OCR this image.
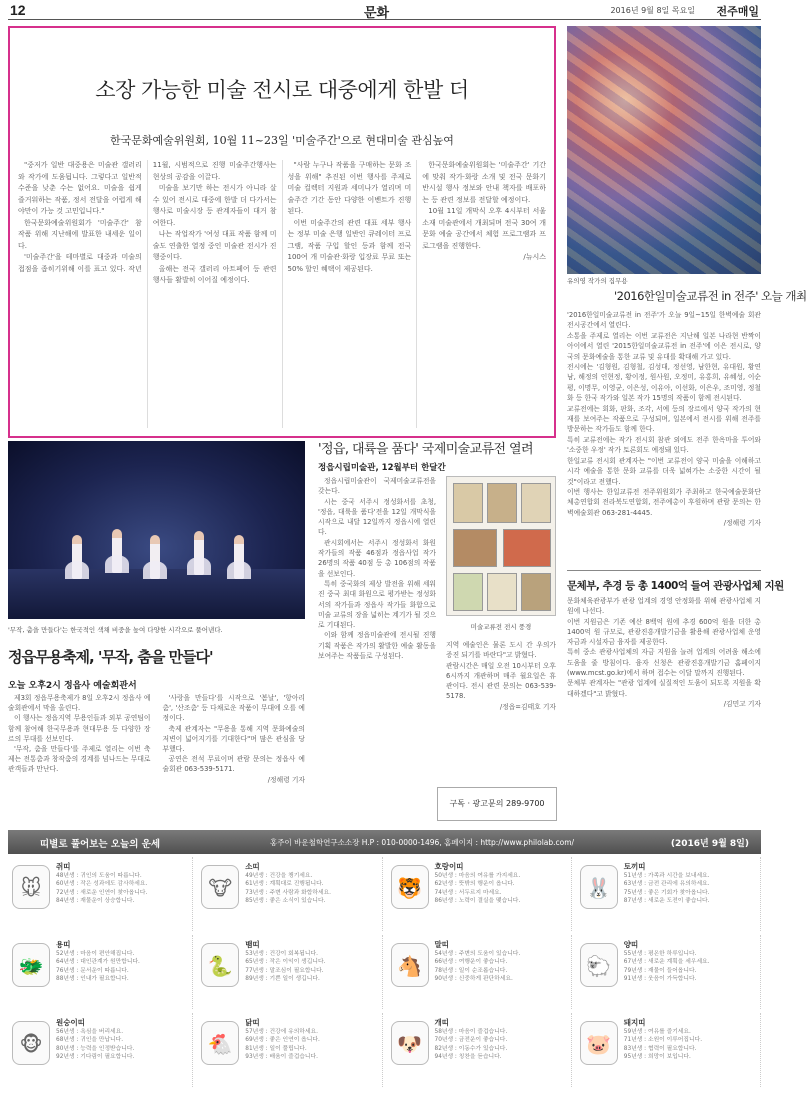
12	문화	2016년 9월 8일 목요일 전주매일
소장 가능한 미술 전시로 대중에게 한발 더
한국문화예술위원회, 10월 11~23일 '미술주간'으로 현대미술 관심높여

"중저가 일반 대중용은 미술관 갤러리와 작가에 도움됩니다. 그렇다고 일반적 수준을 낮춘 수는 없어요. 미술을 쉽게 즐거워하는 작품, 정서 전달을 어렵게 해야만이 가능 것 고민입니다."

한국문화예술위원회가 '미술주간' 참 작품 위해 지난해에 발표한 내세운 일이다.

'미술주간'을 테마별로 대중과 미술의 접점을 좁히기위해 이를 표고 있다. 작년 11월, 시범적으로 진행 미술주간행사는 현상의 공감을 이끌다.

미술을 보기만 하는 전시가 아니라 살 수 있어 전시로 대중에 한발 더 다가서는 행사로 미술시장 등 관계자들이 대거 참여한다.

나는 작업작가 '여성 대표 작품 함께 미술도 연출한 열정 중인 미술관 전시가 진행중이다.

올해는 전국 갤러리 아트페어 등 관련 행사들 활발히 이어질 예정이다.

"사람 누구나 작품을 구매하는 문화 조성을 위해" 추진된 이번 행사를 주제로 미술 컬렉터 지원과 세미나가 열리며 미술주간 기간 동안 다양한 이벤트가 진행된다.

이번 미술주간의 관련 대표 세부 행사는 정부 미술 은행 일반인 큐레이터 프로그램, 작품 구입 할인 등과 함께 전국 100여 개 미술관·화랑 입장료 무료 또는 50% 할인 혜택이 제공된다.

한국문화예술위원회는 '미술주간' 기간에 맞춰 작가·화랑 소개 및 전국 문화기반시설 행사 정보와 안내 책자를 배포하는 등 관련 정보를 전달할 예정이다.

10월 11일 개막식 오후 4시부터 서울 소재 미술관에서 개최되며 전국 30여 개 문화 예술 공간에서 체험 프로그램과 프로그램을 진행한다.

/뉴시스

유의영 작가의 집무용
'2016한일미술교류전 in 전주' 오늘 개최

'2016한일미술교류전 in 전주'가 오늘 9일~15일 한벽예술 회관 전시공간에서 열린다.

소통을 주제로 열리는 이번 교류전은 지난해 일본 나라현 반짝이아이에서 열린 '2015한일미술교류전 in 전주'에 이은 전시로, 양국의 문화예술을 통한 교류 및 유대를 확대해 가고 있다.

전시에는 '김형원, 김형철, 김성대, 정선영, 남한현, 유대원, 황연남, 해정의 인현정, 황이정, 원사원, 오정미, 유홍희, 유혜성, 이순평, 이명무, 이영균, 이은성, 이유아, 이선화, 이은우, 조미영, 정철화 등 한국 작가와 일본 작가 15명의 작품이 함께 전시된다.

교류전에는 회화, 판화, 조각, 서예 등의 장르에서 양국 작가의 현재를 보여주는 작품으로 구성되며, 일본에서 전시를 위해 전주를 방문하는 작가들도 함께 한다.

특히 교류전에는 작가 전시회 참관 외에도 전주 한옥마을 투어와 '소중한 우정' 작가 토론회도 예정돼 있다.

한일교류 전시회 관계자는 "이번 교류전이 양국 미술을 이해하고 시각 예술을 통한 문화 교류를 더욱 넓혀가는 소중한 시간이 될 것"이라고 전했다.

이번 행사는 한일교류전 전주위원회가 주최하고 한국예술문화단체총연합회 전라북도연합회, 전주예총이 후원하며 관람 문의는 한벽예술회관 063-281-4445.

/정해령 기자

'무작, 춤을 만들다'는 한국적인 색채 비중을 높여 다양한 시각으로 풀어낸다.
정읍무용축제, '무작, 춤을 만들다'
오늘 오후2시 정읍사 예술회관서

제3회 정읍무용축제가 8일 오후2시 정읍사 예술회관에서 막을 올린다.

이 행사는 정읍지역 무용인들과 외부 공연팀이 함께 참여해 한국무용과 현대무용 등 다양한 장르의 무대를 선보인다.

'무작, 춤을 만들다'를 주제로 열리는 이번 축제는 전통춤과 창작춤의 경계를 넘나드는 무대로 관객들과 만난다.

'사랑을 만들다'를 시작으로 '봄날', '항아리 춤', '산조춤' 등 다채로운 작품이 무대에 오를 예정이다.

축제 관계자는 "무용을 통해 지역 문화예술의 저변이 넓어지기를 기대한다"며 많은 관심을 당부했다.

공연은 전석 무료이며 관람 문의는 정읍사 예술회관 063-539-5171.

/정해령 기자

'정읍, 대륙을 품다' 국제미술교류전 열려
정읍시립미술관, 12월부터 한달간

정읍시립미술관이 국제미술교류전을 갖는다.

시는 중국 서주시 정성화서를 초청, '정읍, 대륙을 품다'전을 12일 개막식을 시작으로 내달 12일까지 정읍시에 열린다.

관시회에서는 서주시 정성화서 화원 작가들의 작품 46점과 정읍사업 작가 26명의 작품 40점 등 총 106점의 작품을 선보인다.

특히 중국화의 제상 발전을 위해 세워진 중국 최대 화원으로 평가받는 정성화서의 작가들과 정읍사 작가들 화합으로 미술 교류의 장을 넓히는 계기가 될 것으로 기대된다.

이와 함께 정읍미술관에 전시될 진행기획 작품은 작가의 활발한 예술 활동을 보여주는 작품들로 구성된다.

미술교류전 전시 풍경

지역 예술인은 물론 도시 간 우의가 증진 되기를 바란다"고 밝혔다.

관람시간은 매일 오전 10시부터 오후 6시까지 개관하며 매주 월요일은 휴관이다. 전시 관련 문의는 063-539-5178.

/정읍=김태호 기자

구독 · 광고문의 289-9700
문체부, 추경 등 총 1400억 들여 관광사업체 지원

문화체육관광부가 관광 업계의 경영 안정화를 위해 관광사업체 지원에 나선다.

이번 지원금은 기존 예산 8백억 원에 추경 600억 원을 더한 총 1400억 원 규모로, 관광진흥개발기금을 활용해 관광사업체 운영자금과 시설자금 융자를 제공한다.

특히 중소 관광사업체의 자금 지원을 늘려 업계의 어려움 해소에 도움을 줄 방침이다. 융자 신청은 관광진흥개발기금 홈페이지(www.mcst.go.kr)에서 하며 접수는 이달 말까지 진행된다.

문체부 관계자는 "관광 업계에 실질적인 도움이 되도록 지원을 확대하겠다"고 밝혔다.

/김민고 기자

띠별로 풀어보는 오늘의 운세	홍주이 바운철학연구소소장 H.P : 010-0000-1496, 홈페이지 : http://www.philolab.com/	(2016년 9월 8일)
🐭
쥐띠
48년생 : 귀인의 도움이 따릅니다.
60년생 : 작은 성과에도 감사하세요.
72년생 : 새로운 인연이 찾아옵니다.
84년생 : 재물운이 상승합니다.
🐮
소띠
49년생 : 건강을 챙기세요.
61년생 : 계획대로 진행됩니다.
73년생 : 주변 사람과 화합하세요.
85년생 : 좋은 소식이 있습니다.
🐯
호랑이띠
50년생 : 마음의 여유를 가지세요.
62년생 : 뜻밖의 행운이 옵니다.
74년생 : 서두르지 마세요.
86년생 : 노력이 결실을 맺습니다.
🐰
토끼띠
51년생 : 가족과 시간을 보내세요.
63년생 : 금전 관리에 유의하세요.
75년생 : 좋은 기회가 찾아옵니다.
87년생 : 새로운 도전이 좋습니다.
🐲
용띠
52년생 : 마음이 편안해집니다.
64년생 : 대인관계가 원만합니다.
76년생 : 문서운이 따릅니다.
88년생 : 인내가 필요합니다.
🐍
뱀띠
53년생 : 건강이 회복됩니다.
65년생 : 작은 이익이 생깁니다.
77년생 : 말조심이 필요합니다.
89년생 : 기쁜 일이 생깁니다.
🐴
말띠
54년생 : 주변의 도움이 있습니다.
66년생 : 여행운이 좋습니다.
78년생 : 일이 순조롭습니다.
90년생 : 신중하게 판단하세요.
🐑
양띠
55년생 : 평온한 하루입니다.
67년생 : 새로운 계획을 세우세요.
79년생 : 재물이 들어옵니다.
91년생 : 웃음이 가득합니다.
🐵
원숭이띠
56년생 : 욕심을 버리세요.
68년생 : 귀인을 만납니다.
80년생 : 능력을 인정받습니다.
92년생 : 기다림이 필요합니다.
🐔
닭띠
57년생 : 건강에 유의하세요.
69년생 : 좋은 인연이 옵니다.
81년생 : 일이 풀립니다.
93년생 : 배움이 즐겁습니다.
🐶
개띠
58년생 : 마음이 즐겁습니다.
70년생 : 금전운이 좋습니다.
82년생 : 이동수가 있습니다.
94년생 : 칭찬을 듣습니다.
🐷
돼지띠
59년생 : 여유를 즐기세요.
71년생 : 소원이 이루어집니다.
83년생 : 협력이 필요합니다.
95년생 : 희망이 보입니다.
